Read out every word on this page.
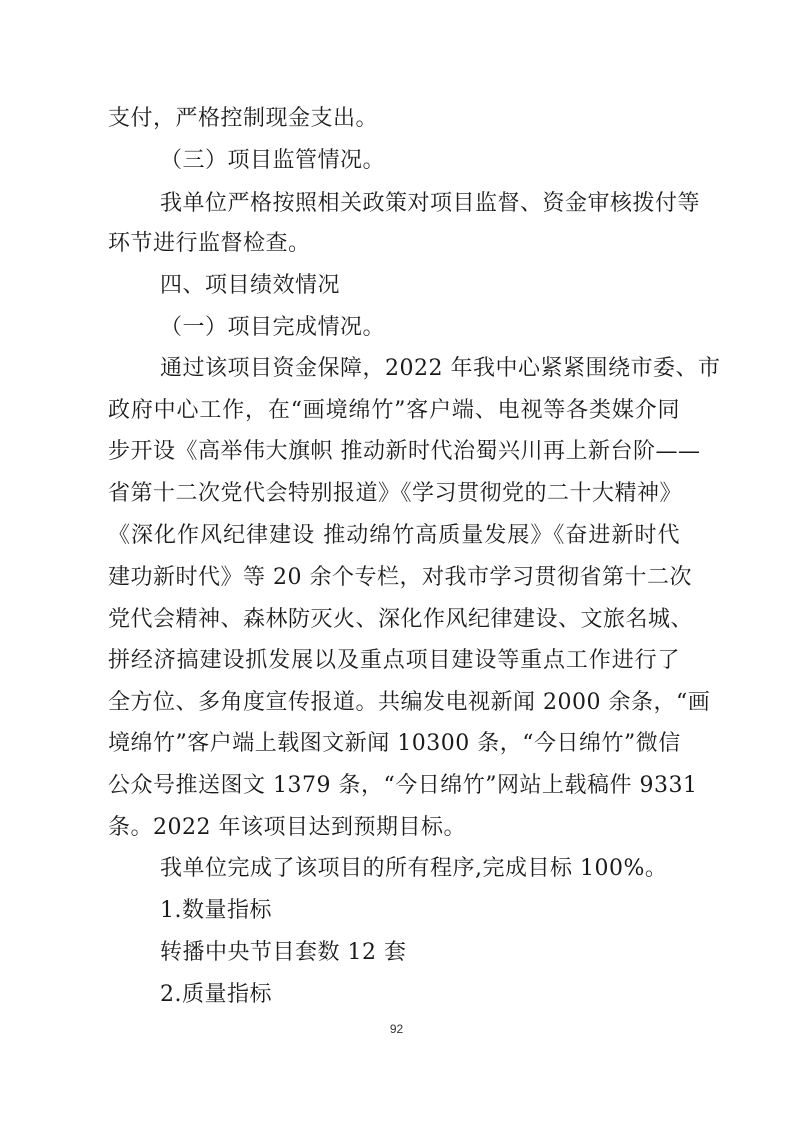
支付，严格控制现金支出。
（三）项目监管情况。
我单位严格按照相关政策对项目监督、资金审核拨付等
环节进行监督检查。
四、项目绩效情况
（一）项目完成情况。
通过该项目资金保障，2022 年我中心紧紧围绕市委、市
政府中心工作，在“画境绵竹”客户端、电视等各类媒介同
步开设《高举伟大旗帜 推动新时代治蜀兴川再上新台阶——
省第十二次党代会特别报道》《学习贯彻党的二十大精神》
《深化作风纪律建设 推动绵竹高质量发展》《奋进新时代
建功新时代》等 20 余个专栏，对我市学习贯彻省第十二次
党代会精神、森林防灭火、深化作风纪律建设、文旅名城、
拼经济搞建设抓发展以及重点项目建设等重点工作进行了
全方位、多角度宣传报道。共编发电视新闻 2000 余条，“画
境绵竹”客户端上载图文新闻 10300 条，“今日绵竹”微信
公众号推送图文 1379 条，“今日绵竹”网站上载稿件 9331
条。2022 年该项目达到预期目标。
我单位完成了该项目的所有程序,完成目标 100%。
1.数量指标
转播中央节目套数 12 套
2.质量指标
92
